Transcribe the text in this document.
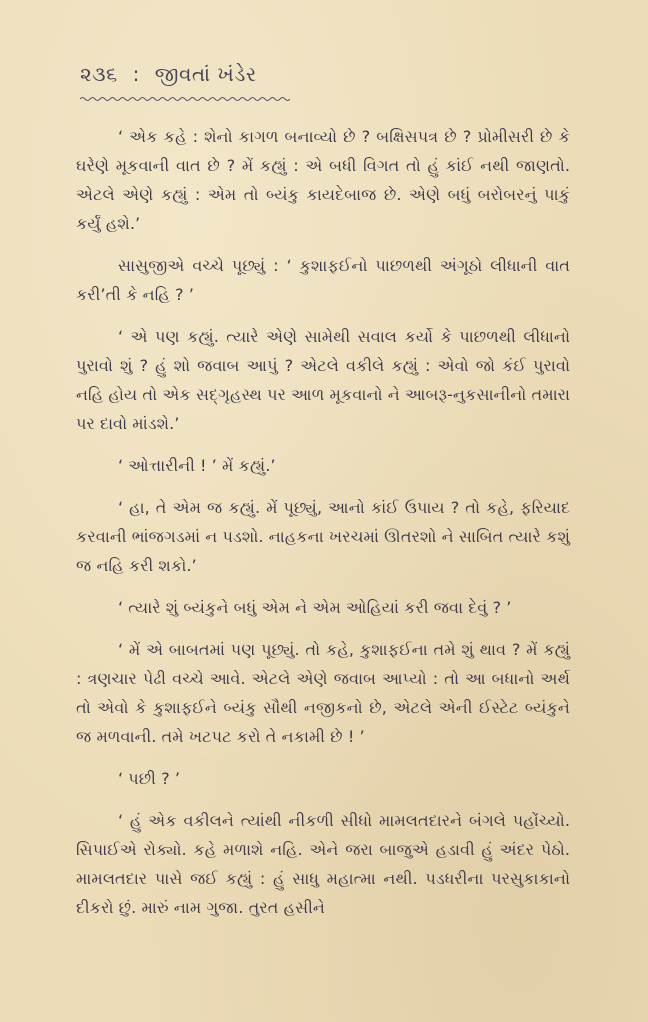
૨૩૬ : જીવતાં ખંડેર

‘ એક કહે : શેનો કાગળ બનાવ્યો છે ? બક્ષિસપત્ર છે ? પ્રોમીસરી છે કે ઘરેણે મૂકવાની વાત છે ? મેં કહ્યું : એ બધી વિગત તો હું કાંઈ નથી જાણતો. એટલે એણે કહ્યું : એમ તો બ્યંકુ કાયદેબાજ છે. એણે બધું બરોબરનું પાકું કર્યું હશે.’

સાસુજીએ વચ્ચે પૂછ્યું : ‘ કુશાફઈનો પાછળથી અંગૂઠો લીધાની વાત કરી’તી કે નહિ ? ’

‘ એ પણ કહ્યું. ત્યારે એણે સામેથી સવાલ કર્યો કે પાછળથી લીધાનો પુરાવો શું ? હું શો જવાબ આપું ? એટલે વકીલે કહ્યું : એવો જો કંઈ પુરાવો નહિ હોય તો એક સદ્ગૃહસ્થ પર આળ મૂકવાનો ને આબરૂ-નુકસાનીનો તમારા પર દાવો માંડશે.’

‘ ઓત્તારીની ! ’ મેં કહ્યું.’

‘ હા, તે એમ જ કહ્યું. મેં પૂછ્યું, આનો કાંઈ ઉપાય ? તો કહે, ફરિયાદ કરવાની ભાંજગડમાં ન પડશો. નાહકના ખરચમાં ઊતરશો ને સાબિત ત્યારે કશું જ નહિ કરી શકો.’

‘ ત્યારે શું બ્યંકુને બધું એમ ને એમ ઓહિયાં કરી જવા દેવું ? ’

‘ મેં એ બાબતમાં પણ પૂછ્યું. તો કહે, કુશાફઈના તમે શું થાવ ? મેં કહ્યું : ત્રણચાર પેઢી વચ્ચે આવે. એટલે એણે જવાબ આપ્યો : તો આ બધાનો અર્થ તો એવો કે કુશાફઈને બ્યંકુ સૌથી નજીકનો છે, એટલે એની ઈસ્ટેટ બ્યંકુને જ મળવાની. તમે ખટપટ કરો તે નકામી છે ! ’

‘ પછી ? ’

‘ હું એક વકીલને ત્યાંથી નીકળી સીધો મામલતદારને બંગલે પહોંચ્યો. સિપાઈએ રોક્યો. કહે મળાશે નહિ. એને જરા બાજુએ હડાવી હું અંદર પેઠો. મામલતદાર પાસે જઈ કહ્યું : હું સાધુ મહાત્મા નથી. પડધરીના પરસુકાકાનો દીકરો છું. મારું નામ ગુજા. તુરત હસીને
